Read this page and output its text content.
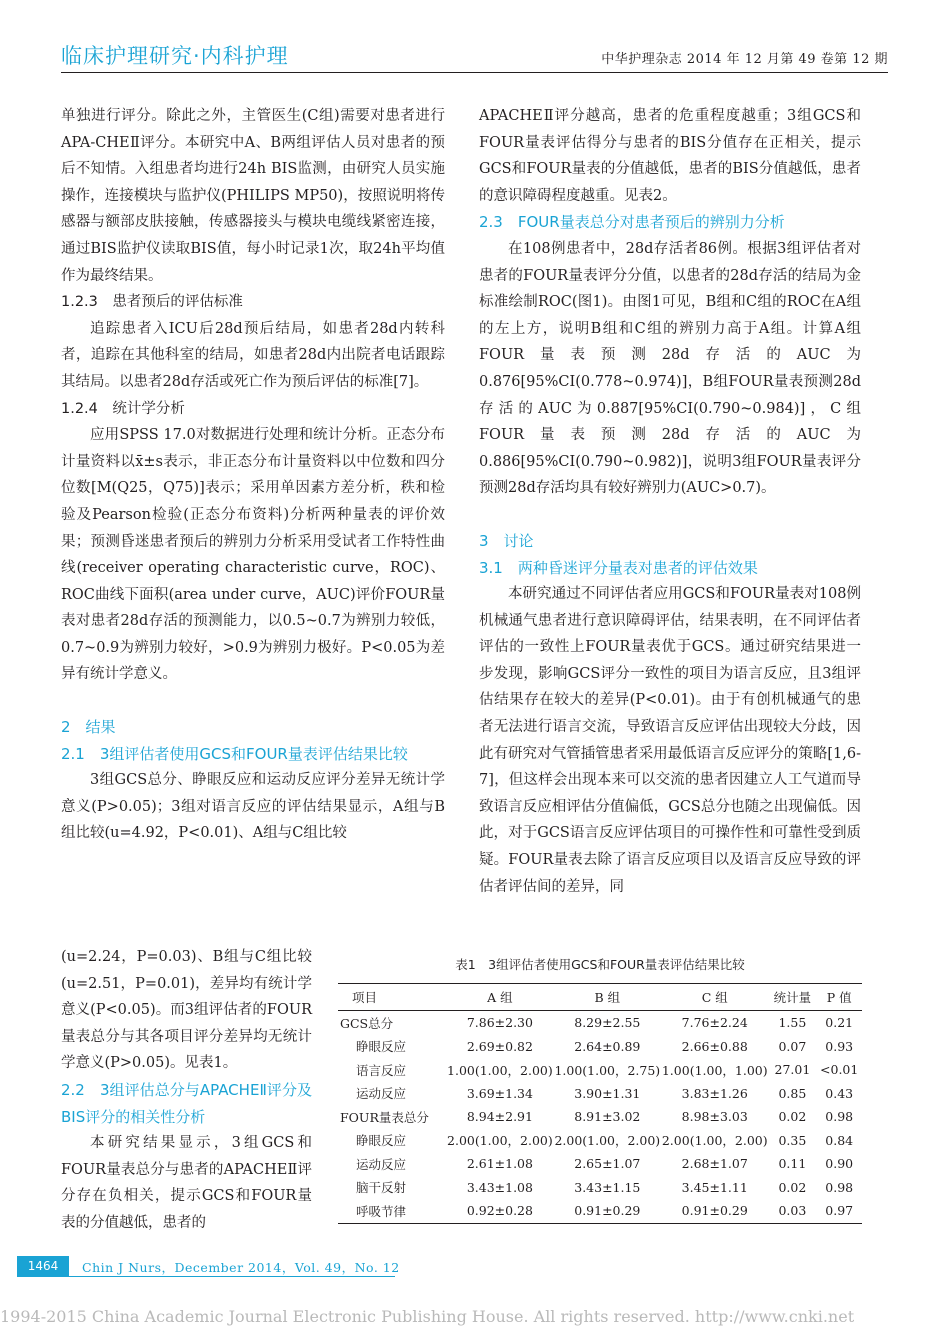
临床护理研究·内科护理	中华护理杂志 2014 年 12 月第 49 卷第 12 期

单独进行评分。除此之外，主管医生(C组)需要对患者进行APA-CHEⅡ评分。本研究中A、B两组评估人员对患者的预后不知情。入组患者均进行24h BIS监测，由研究人员实施操作，连接模块与监护仪(PHILIPS MP50)，按照说明将传感器与额部皮肤接触，传感器接头与模块电缆线紧密连接，通过BIS监护仪读取BIS值，每小时记录1次，取24h平均值作为最终结果。

1.2.3　患者预后的评估标准

追踪患者入ICU后28d预后结局，如患者28d内转科者，追踪在其他科室的结局，如患者28d内出院者电话跟踪其结局。以患者28d存活或死亡作为预后评估的标准[7]。

1.2.4　统计学分析

应用SPSS 17.0对数据进行处理和统计分析。正态分布计量资料以x̄±s表示，非正态分布计量资料以中位数和四分位数[M(Q25，Q75)]表示；采用单因素方差分析，秩和检验及Pearson检验(正态分布资料)分析两种量表的评价效果；预测昏迷患者预后的辨别力分析采用受试者工作特性曲线(receiver operating characteristic curve，ROC)、ROC曲线下面积(area under curve，AUC)评价FOUR量表对患者28d存活的预测能力，以0.5~0.7为辨别力较低，0.7~0.9为辨别力较好，>0.9为辨别力极好。P<0.05为差异有统计学意义。

2　结果

2.1　3组评估者使用GCS和FOUR量表评估结果比较

3组GCS总分、睁眼反应和运动反应评分差异无统计学意义(P>0.05)；3组对语言反应的评估结果显示，A组与B组比较(u=4.92，P<0.01)、A组与C组比较

(u=2.24，P=0.03)、B组与C组比较(u=2.51，P=0.01)，差异均有统计学意义(P<0.05)。而3组评估者的FOUR量表总分与其各项目评分差异均无统计学意义(P>0.05)。见表1。

2.2　3组评估总分与APACHEⅡ评分及BIS评分的相关性分析

本研究结果显示，3组GCS和FOUR量表总分与患者的APACHEⅡ评分存在负相关，提示GCS和FOUR量表的分值越低，患者的

APACHEⅡ评分越高，患者的危重程度越重；3组GCS和FOUR量表评估得分与患者的BIS分值存在正相关，提示GCS和FOUR量表的分值越低，患者的BIS分值越低，患者的意识障碍程度越重。见表2。

2.3　FOUR量表总分对患者预后的辨别力分析

在108例患者中，28d存活者86例。根据3组评估者对患者的FOUR量表评分分值，以患者的28d存活的结局为金标准绘制ROC(图1)。由图1可见，B组和C组的ROC在A组的左上方，说明B组和C组的辨别力高于A组。计算A组FOUR量表预测28d存活的AUC为0.876[95%CI(0.778~0.974)]，B组FOUR量表预测28d存活的AUC为0.887[95%CI(0.790~0.984)]，C组FOUR量表预测28d存活的AUC为0.886[95%CI(0.790~0.982)]，说明3组FOUR量表评分预测28d存活均具有较好辨别力(AUC>0.7)。

3　讨论

3.1　两种昏迷评分量表对患者的评估效果

本研究通过不同评估者应用GCS和FOUR量表对108例机械通气患者进行意识障碍评估，结果表明，在不同评估者评估的一致性上FOUR量表优于GCS。通过研究结果进一步发现，影响GCS评分一致性的项目为语言反应，且3组评估结果存在较大的差异(P<0.01)。由于有创机械通气的患者无法进行语言交流，导致语言反应评估出现较大分歧，因此有研究对气管插管患者采用最低语言反应评分的策略[1,6-7]，但这样会出现本来可以交流的患者因建立人工气道而导致语言反应相评估分值偏低，GCS总分也随之出现偏低。因此，对于GCS语言反应评估项目的可操作性和可靠性受到质疑。FOUR量表去除了语言反应项目以及语言反应导致的评估者评估间的差异，同

表1　3组评估者使用GCS和FOUR量表评估结果比较
项目	A 组	B 组	C 组	统计量	P 值
GCS总分	7.86±2.30	8.29±2.55	7.76±2.24	1.55	0.21
睁眼反应	2.69±0.82	2.64±0.89	2.66±0.88	0.07	0.93
语言反应	1.00(1.00，2.00)	1.00(1.00，2.75)	1.00(1.00，1.00)	27.01	<0.01
运动反应	3.69±1.34	3.90±1.31	3.83±1.26	0.85	0.43
FOUR量表总分	8.94±2.91	8.91±3.02	8.98±3.03	0.02	0.98
睁眼反应	2.00(1.00，2.00)	2.00(1.00，2.00)	2.00(1.00，2.00)	0.35	0.84
运动反应	2.61±1.08	2.65±1.07	2.68±1.07	0.11	0.90
脑干反射	3.43±1.08	3.43±1.15	3.45±1.11	0.02	0.98
呼吸节律	0.92±0.28	0.91±0.29	0.91±0.29	0.03	0.97
1464	Chin J Nurs，December 2014，Vol. 49，No. 12
1994-2015 China Academic Journal Electronic Publishing House. All rights reserved. http://www.cnki.net
